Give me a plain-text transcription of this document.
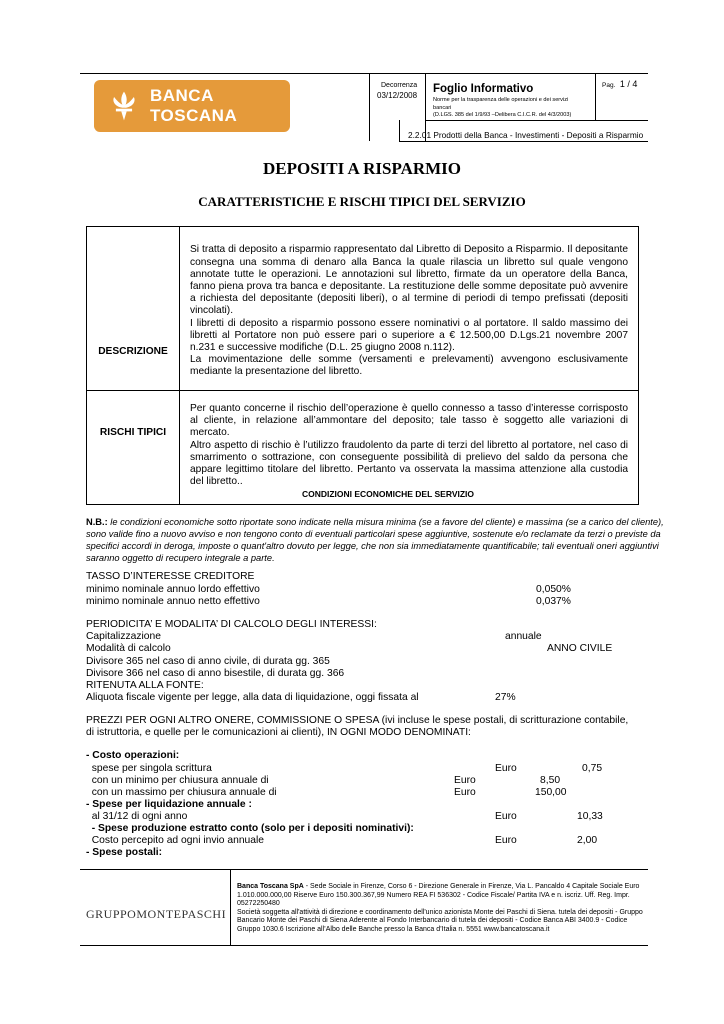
BANCA TOSCANA
Decorrenza
03/12/2008
Foglio Informativo
Norme per la trasparenza delle operazioni e dei servizi
bancari
(D.LGS. 385 del 1/9/93 –Delibera C.I.C.R. del 4/3/2003)
Pag. 1 / 4
2.2.01 Prodotti della Banca - Investimenti - Depositi a Risparmio
DEPOSITI A RISPARMIO
CARATTERISTICHE E RISCHI TIPICI DEL SERVIZIO
DESCRIZIONE	Si tratta di deposito a risparmio rappresentato dal Libretto di Deposito a Risparmio. Il depositante consegna una somma di denaro alla Banca la quale rilascia un libretto sul quale vengono annotate tutte le operazioni. Le annotazioni sul libretto, firmate da un operatore della Banca, fanno piena prova tra banca e depositante. La restituzione delle somme depositate può avvenire a richiesta del depositante (depositi liberi), o al termine di periodi di tempo prefissati (depositi vincolati).
I libretti di deposito a risparmio possono essere nominativi o al portatore. Il saldo massimo dei libretti al Portatore non può essere pari o superiore a € 12.500,00 D.Lgs.21 novembre 2007 n.231 e successive modifiche (D.L. 25 giugno 2008 n.112).
La movimentazione delle somme (versamenti e prelevamenti) avvengono esclusivamente mediante la presentazione del libretto.

RISCHI TIPICI	Per quanto concerne il rischio dell’operazione è quello connesso a tasso d’interesse corrisposto al cliente, in relazione all’ammontare del deposito; tale tasso è soggetto alle variazioni di mercato.
Altro aspetto di rischio è l’utilizzo fraudolento da parte di terzi del libretto al portatore, nel caso di smarrimento o sottrazione, con conseguente possibilità di prelievo del saldo da persona che appare legittimo titolare del libretto. Pertanto va osservata la massima attenzione alla custodia del libretto..
CONDIZIONI ECONOMICHE DEL SERVIZIO
N.B.: le condizioni economiche sotto riportate sono indicate nella misura minima (se a favore del cliente) e massima (se a carico del cliente), sono valide fino a nuovo avviso e non tengono conto di eventuali particolari spese aggiuntive, sostenute e/o reclamate da terzi o previste da specifici accordi in deroga, imposte o quant'altro dovuto per legge, che non sia immediatamente quantificabile; tali eventuali oneri aggiuntivi saranno oggetto di recupero integrale a parte.
TASSO D’INTERESSE CREDITORE
minimo nominale annuo lordo effettivo	0,050%
minimo nominale annuo netto effettivo	0,037%
PERIODICITA’ E MODALITA’ DI CALCOLO DEGLI INTERESSI:
Capitalizzazione	annuale
Modalità di calcolo	ANNO CIVILE
Divisore 365 nel caso di anno civile, di durata gg. 365
Divisore 366 nel caso di anno bisestile, di durata gg. 366
RITENUTA ALLA FONTE:
Aliquota fiscale vigente per legge, alla data di liquidazione, oggi fissata al	27%
PREZZI PER OGNI ALTRO ONERE, COMMISSIONE O SPESA (ivi incluse le spese postali, di scritturazione contabile,
di istruttoria, e quelle per le comunicazioni ai clienti), IN OGNI MODO DENOMINATI:
- Costo operazioni:
spese per singola scrittura	Euro	0,75
con un minimo per chiusura annuale di	Euro	8,50
con un massimo per chiusura annuale di	Euro	150,00
- Spese per liquidazione annuale :
al 31/12 di ogni anno	Euro	10,33
- Spese produzione estratto conto (solo per i depositi nominativi):
Costo percepito ad ogni invio annuale	Euro	2,00
- Spese postali:
GRUPPOMONTEPASCHI
Banca Toscana SpA - Sede Sociale in Firenze, Corso 6 - Direzione Generale in Firenze, Via L. Pancaldo 4 Capitale Sociale Euro 1.010.000.000,00 Riserve Euro 150.300.367,99 Numero REA FI 536302 - Codice Fiscale/ Partita IVA e n. iscriz. Uff. Reg. Impr. 05272250480
Società soggetta all'attività di direzione e coordinamento dell'unico azionista Monte dei Paschi di Siena. tutela dei depositi - Gruppo Bancario Monte dei Paschi di Siena Aderente al Fondo Interbancario di tutela dei depositi - Codice Banca ABI 3400.9 - Codice Gruppo 1030.6 Iscrizione all’Albo delle Banche presso la Banca d’Italia n. 5551 www.bancatoscana.it
